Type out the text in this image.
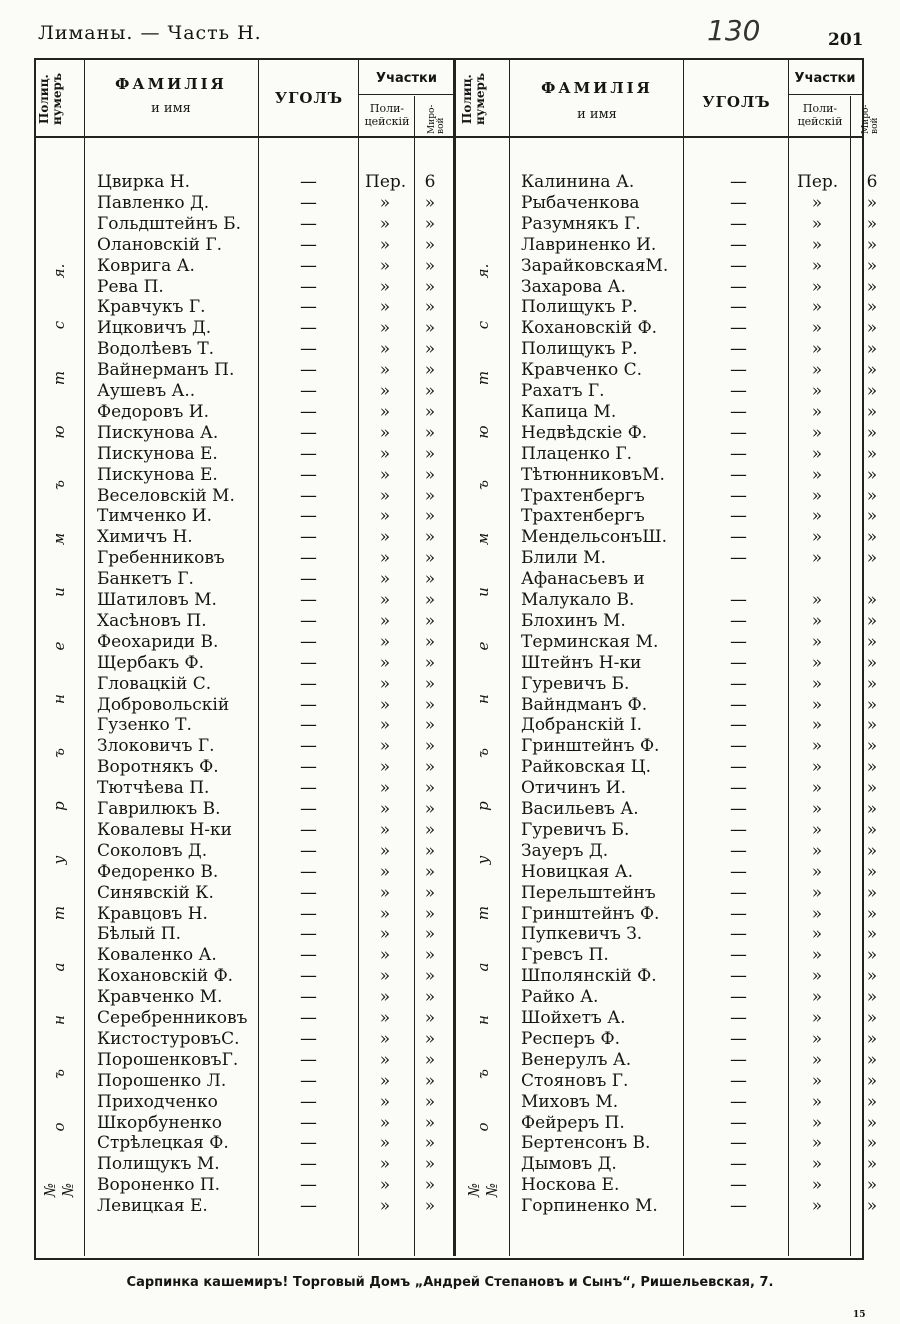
Лиманы. — Часть Н.	130	201
Полиц. нумеръ	ФАМИЛІЯ
и имя
УГОЛЪ
Участки
Поли-цейскій	Миро-вой
Полиц. нумеръ	ФАМИЛІЯ
и имя
УГОЛЪ
Участки
Поли-цейскій	Миро-вой
Цвирка Н.	—	Пер.	6
Павленко Д.	—	»	»
Гольдштейнъ Б.	—	»	»
Олановскій Г.	—	»	»
Ковригa А.	—	»	»
Рева П.	—	»	»
Кравчукъ Г.	—	»	»
Ицковичъ Д.	—	»	»
Водолѣевъ Т.	—	»	»
Вайнерманъ П.	—	»	»
Аушевъ А..	—	»	»
Федоровъ И.	—	»	»
Пискунова А.	—	»	»
Пискунова Е.	—	»	»
Пискунова Е.	—	»	»
Веселовскій М.	—	»	»
Тимченко И.	—	»	»
Химичъ Н.	—	»	»
Гребенниковъ	—	»	»
Банкетъ Г.	—	»	»
Шатиловъ М.	—	»	»
Хасѣновъ П.	—	»	»
Феохариди В.	—	»	»
Щербакъ Ф.	—	»	»
Гловацкій С.	—	»	»
Добровольскій	—	»	»
Гузенко Т.	—	»	»
Злоковичъ Г.	—	»	»
Воротнякъ Ф.	—	»	»
Тютчѣева П.	—	»	»
Гаврилюкъ В.	—	»	»
Ковалевы Н-ки	—	»	»
Соколовъ Д.	—	»	»
Федоренко В.	—	»	»
Синявскій К.	—	»	»
Кравцовъ Н.	—	»	»
Бѣлый П.	—	»	»
Коваленко А.	—	»	»
Кохановскій Ф.	—	»	»
Кравченко М.	—	»	»
Серебренниковъ	—	»	»
КистостуровъС.	—	»	»
ПорошенковъГ.	—	»	»
Порошенко Л.	—	»	»
Приходченко	—	»	»
Шкорбуненко	—	»	»
Стрѣлецкая Ф.	—	»	»
Полищукъ М.	—	»	»
Вороненко П.	—	»	»
Левицкая Е.	—	»	»
Калинина А.	—	Пер.	6
Рыбаченкова	—	»	»
Разумнякъ Г.	—	»	»
Лавриненко И.	—	»	»
ЗарайковскаяМ.	—	»	»
Захарова А.	—	»	»
Полищукъ Р.	—	»	»
Кохановскій Ф.	—	»	»
Полищукъ Р.	—	»	»
Кравченко С.	—	»	»
Рахатъ Г.	—	»	»
Капица М.	—	»	»
Недвѣдскіе Ф.	—	»	»
Плаценко Г.	—	»	»
ТѣтюнниковъМ.	—	»	»
Трахтенбергъ	—	»	»
Трахтенбергъ	—	»	»
МендельсонъШ.	—	»	»
Блили М.	—	»	»
Афанасьевъ и
Малукало В.	—	»	»
Блохинъ М.	—	»	»
Терминская М.	—	»	»
Штейнъ Н-ки	—	»	»
Гуревичъ Б.	—	»	»
Вайндманъ Ф.	—	»	»
Добранскій І.	—	»	»
Гринштейнъ Ф.	—	»	»
Райковская Ц.	—	»	»
Отичинъ И.	—	»	»
Васильевъ А.	—	»	»
Гуревичъ Б.	—	»	»
Зауеръ Д.	—	»	»
Новицкая А.	—	»	»
Перельштейнъ	—	»	»
Гринштейнъ Ф.	—	»	»
Пупкевичъ З.	—	»	»
Гревсъ П.	—	»	»
Шполянскій Ф.	—	»	»
Райко А.	—	»	»
Шойхетъ А.	—	»	»
Респеръ Ф.	—	»	»
Венерулъ А.	—	»	»
Стояновъ Г.	—	»	»
Миховъ М.	—	»	»
Фейреръ П.	—	»	»
Бертенсонъ В.	—	»	»
Дымовъ Д.	—	»	»
Носкова Е.	—	»	»
Горпиненко М.	—	»	»
я.
с
т
ю
ъ
м
и
е
н
ъ
р
у
т
а
н
ъ
о
№ №
я.
с
т
ю
ъ
м
и
е
н
ъ
р
у
т
а
н
ъ
о
№ №
Сарпинка кашемиръ! Торговый Домъ „Андрей Степановъ и Сынъ“, Ришельевская, 7.
15
